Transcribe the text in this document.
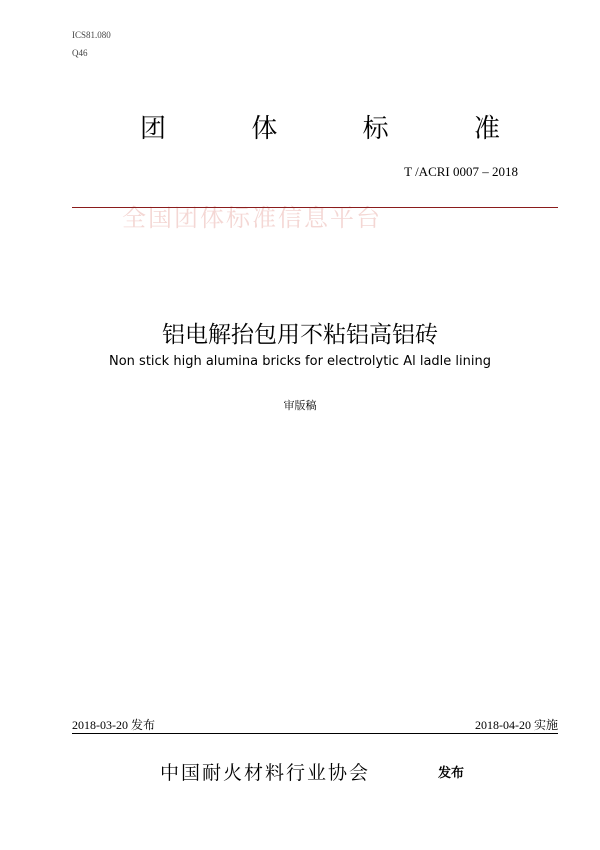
ICS81.080
Q46
团	体	标	准
T /ACRI 0007 – 2018
全国团体标准信息平台
铝电解抬包用不粘铝高铝砖
Non stick high alumina bricks for electrolytic Al ladle lining
审版稿
2018-03-20 发布	2018-04-20 实施
中国耐火材料行业协会	发布
